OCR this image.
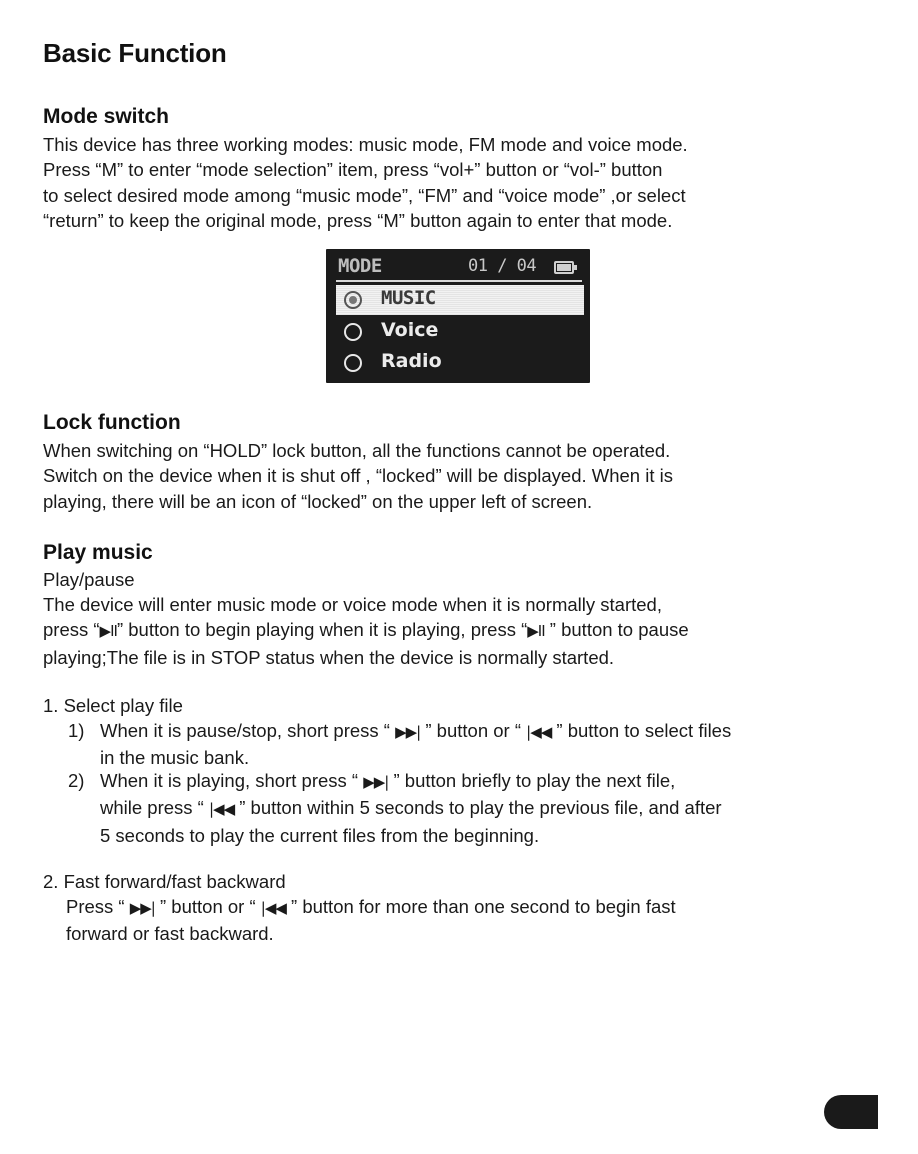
Basic Function
Mode switch
This device has three working modes: music mode, FM mode and voice mode.
Press “M” to enter “mode selection” item, press “vol+” button or “vol-” button
to select desired mode among “music mode”, “FM” and “voice mode” ,or select
“return” to keep the original mode, press “M” button again to enter that mode.
MODE	01 / 04
MUSIC
Voice
Radio
Lock function
When switching on “HOLD” lock button, all the functions cannot be operated.
Switch on the device when it is shut off , “locked” will be displayed. When it is
playing, there will be an icon of “locked” on the upper left of screen.
Play music
Play/pause
The device will enter music mode or voice mode when it is normally started,
press “▶II” button to begin playing when it is playing, press “▶II ” button to pause
playing;The file is in STOP status when the device is normally started.
1. Select play file
1) When it is pause/stop, short press “ ▶▶| ” button or “ |◀◀ ” button to select files
in the music bank.
2) When it is playing, short press “ ▶▶| ” button briefly to play the next file,
while press “ |◀◀ ” button within 5 seconds to play the previous file, and after
5 seconds to play the current files from the beginning.
2. Fast forward/fast backward
Press “ ▶▶| ” button or “ |◀◀ ” button for more than one second to begin fast
forward or fast backward.
